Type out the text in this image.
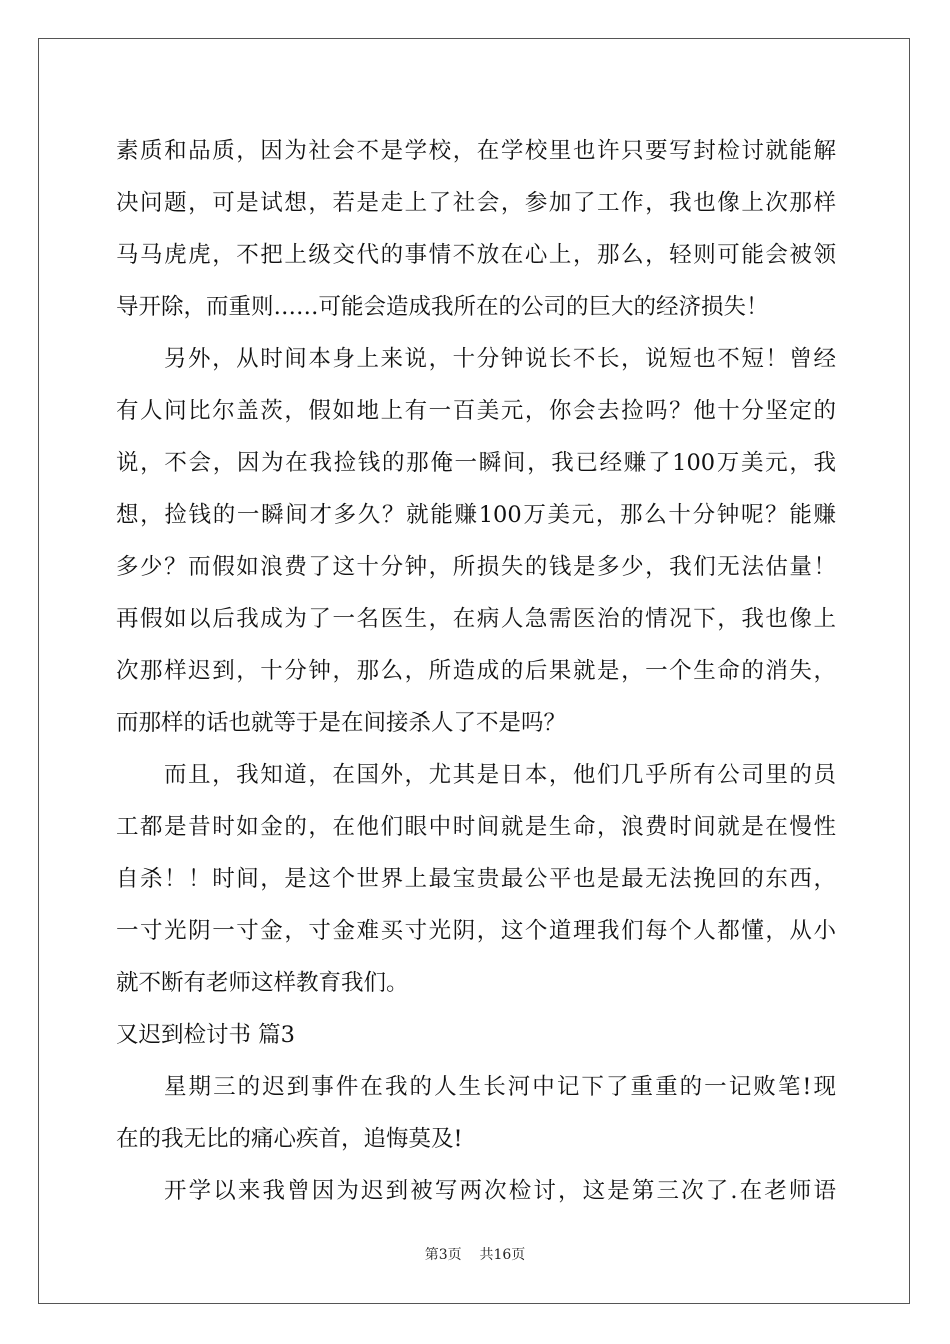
素质和品质，因为社会不是学校，在学校里也许只要写封检讨就能解
决问题，可是试想，若是走上了社会，参加了工作，我也像上次那样
马马虎虎，不把上级交代的事情不放在心上，那么，轻则可能会被领
导开除，而重则……可能会造成我所在的公司的巨大的经济损失！
另外，从时间本身上来说，十分钟说长不长，说短也不短！曾经
有人问比尔盖茨，假如地上有一百美元，你会去捡吗？他十分坚定的
说，不会，因为在我捡钱的那俺一瞬间，我已经赚了100万美元，我
想，捡钱的一瞬间才多久？就能赚100万美元，那么十分钟呢？能赚
多少？而假如浪费了这十分钟，所损失的钱是多少，我们无法估量！
再假如以后我成为了一名医生，在病人急需医治的情况下，我也像上
次那样迟到，十分钟，那么，所造成的后果就是，一个生命的消失，
而那样的话也就等于是在间接杀人了不是吗？
而且，我知道，在国外，尤其是日本，他们几乎所有公司里的员
工都是昔时如金的，在他们眼中时间就是生命，浪费时间就是在慢性
自杀！！时间，是这个世界上最宝贵最公平也是最无法挽回的东西，
一寸光阴一寸金，寸金难买寸光阴，这个道理我们每个人都懂，从小
就不断有老师这样教育我们。
又迟到检讨书 篇3
星期三的迟到事件在我的人生长河中记下了重重的一记败笔!现
在的我无比的痛心疾首，追悔莫及!
开学以来我曾因为迟到被写两次检讨，这是第三次了.在老师语
第3页 共16页
